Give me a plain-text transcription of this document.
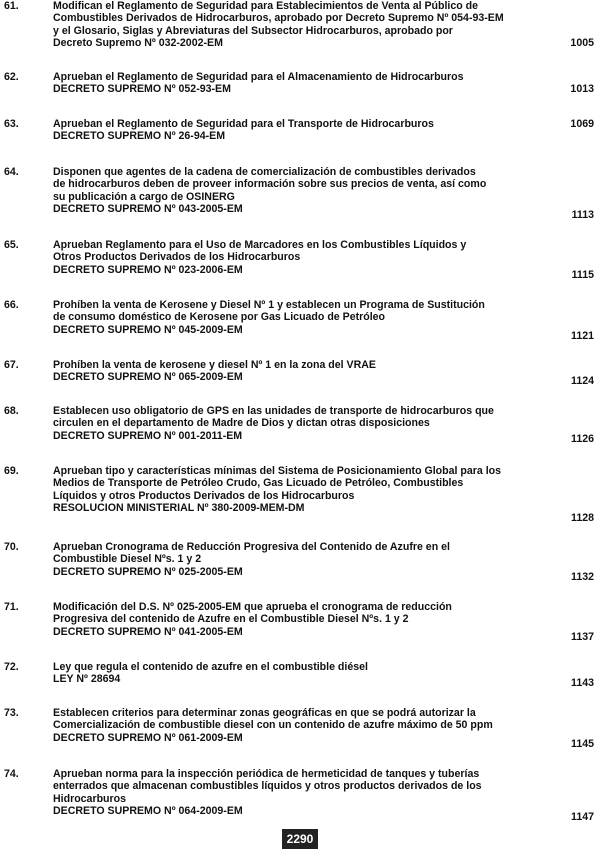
61.	Modifican el Reglamento de Seguridad para Establecimientos de Venta al Público de
Combustibles Derivados de Hidrocarburos, aprobado por Decreto Supremo Nº 054-93-EM
y el Glosario, Siglas y Abreviaturas del Subsector Hidrocarburos, aprobado por
Decreto Supremo Nº 032-2002-EM	1005
62.	Aprueban el Reglamento de Seguridad para el Almacenamiento de Hidrocarburos
DECRETO SUPREMO Nº 052-93-EM	1013
63.	Aprueban el Reglamento de Seguridad para el Transporte de Hidrocarburos
DECRETO SUPREMO Nº 26-94-EM
1069
64.	Disponen que agentes de la cadena de comercialización de combustibles derivados
de hidrocarburos deben de proveer información sobre sus precios de venta, así como
su publicación a cargo de OSINERG
DECRETO SUPREMO Nº 043-2005-EM	1113
65.	Aprueban Reglamento para el Uso de Marcadores en los Combustibles Líquidos y
Otros Productos Derivados de los Hidrocarburos
DECRETO SUPREMO Nº 023-2006-EM	1115
66.	Prohíben la venta de Kerosene y Diesel Nº 1 y establecen un Programa de Sustitución
de consumo doméstico de Kerosene por Gas Licuado de Petróleo
DECRETO SUPREMO Nº 045-2009-EM
1121
67.	Prohíben la venta de kerosene y diesel Nº 1 en la zona del VRAE
DECRETO SUPREMO Nº 065-2009-EM	1124
68.	Establecen uso obligatorio de GPS en las unidades de transporte de hidrocarburos que
circulen en el departamento de Madre de Dios y dictan otras disposiciones
DECRETO SUPREMO Nº 001-2011-EM	1126
69.	Aprueban tipo y características mínimas del Sistema de Posicionamiento Global para los
Medios de Transporte de Petróleo Crudo, Gas Licuado de Petróleo, Combustibles
Líquidos y otros Productos Derivados de los Hidrocarburos
RESOLUCION MINISTERIAL Nº 380-2009-MEM-DM
1128
70.	Aprueban Cronograma de Reducción Progresiva del Contenido de Azufre en el
Combustible Diesel Nºs. 1 y 2
DECRETO SUPREMO Nº 025-2005-EM	1132
71.	Modificación del D.S. Nº 025-2005-EM que aprueba el cronograma de reducción
Progresiva del contenido de Azufre en el Combustible Diesel Nºs. 1 y 2
DECRETO SUPREMO Nº 041-2005-EM	1137
72.	Ley que regula el contenido de azufre en el combustible diésel
LEY Nº 28694	1143
73.	Establecen criterios para determinar zonas geográficas en que se podrá autorizar la
Comercialización de combustible diesel con un contenido de azufre máximo de 50 ppm
DECRETO SUPREMO Nº 061-2009-EM
1145
74.	Aprueban norma para la inspección periódica de hermeticidad de tanques y tuberías
enterrados que almacenan combustibles líquidos y otros productos derivados de los
Hidrocarburos
DECRETO SUPREMO Nº 064-2009-EM	1147
2290
